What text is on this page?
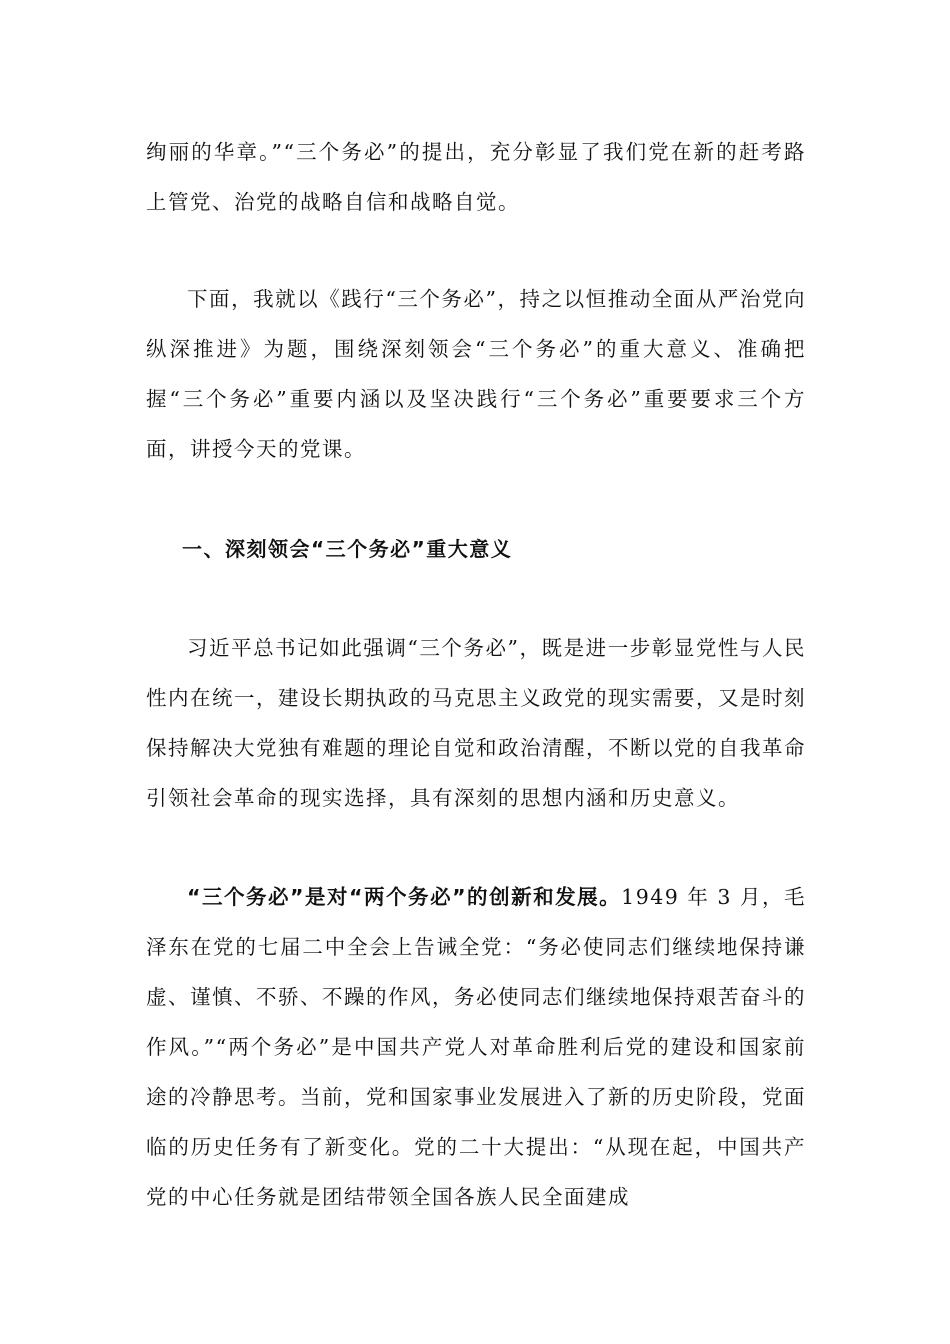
绚丽的华章。”“三个务必”的提出，充分彰显了我们党在新的赶考路上管党、治党的战略自信和战略自觉。

下面，我就以《践行“三个务必”，持之以恒推动全面从严治党向纵深推进》为题，围绕深刻领会“三个务必”的重大意义、准确把握“三个务必”重要内涵以及坚决践行“三个务必”重要要求三个方面，讲授今天的党课。

一、深刻领会“三个务必”重大意义

习近平总书记如此强调“三个务必”，既是进一步彰显党性与人民性内在统一，建设长期执政的马克思主义政党的现实需要，又是时刻保持解决大党独有难题的理论自觉和政治清醒，不断以党的自我革命引领社会革命的现实选择，具有深刻的思想内涵和历史意义。

“三个务必”是对“两个务必”的创新和发展。1949 年 3 月，毛泽东在党的七届二中全会上告诫全党：“务必使同志们继续地保持谦虚、谨慎、不骄、不躁的作风，务必使同志们继续地保持艰苦奋斗的作风。”“两个务必”是中国共产党人对革命胜利后党的建设和国家前途的冷静思考。当前，党和国家事业发展进入了新的历史阶段，党面临的历史任务有了新变化。党的二十大提出：“从现在起，中国共产党的中心任务就是团结带领全国各族人民全面建成
